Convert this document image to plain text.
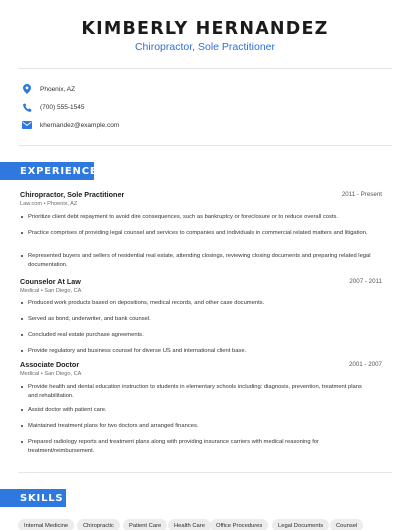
KIMBERLY HERNANDEZ
Chiropractor, Sole Practitioner
Phoenix, AZ
(700) 555-1545
khernandez@example.com
EXPERIENCE
Chiropractor, Sole Practitioner	2011 - Present
Law.com • Phoenix, AZ
Prioritize client debt repayment to avoid dire consequences, such as bankruptcy or foreclosure or to reduce overall costs.
Practice comprises of providing legal counsel and services to companies and individuals in commercial related matters and litigation.
Represented buyers and sellers of residential real estate, attending closings, reviewing closing documents and preparing related legal documentation.
Counselor At Law	2007 - 2011
Medical • San Diego, CA
Produced work products based on depositions, medical records, and other case documents.
Served as bond, underwriter, and bank counsel.
Concluded real estate purchase agreements.
Provide regulatory and business counsel for diverse US and international client base.
Associate Doctor	2001 - 2007
Medical • San Diego, CA
Provide health and dental education instruction to students in elementary schools including: diagnosis, prevention, treatment plans and rehabilitation.
Assist doctor with patient care.
Maintained treatment plans for two doctors and arranged finances.
Prepared radiology reports and treatment plans along with providing insurance carriers with medical reasoning for treatment/reimbursement.
SKILLS
Internal Medicine	Chiropractic	Patient Care	Health Care	Office Procedures	Legal Documents	Counsel
